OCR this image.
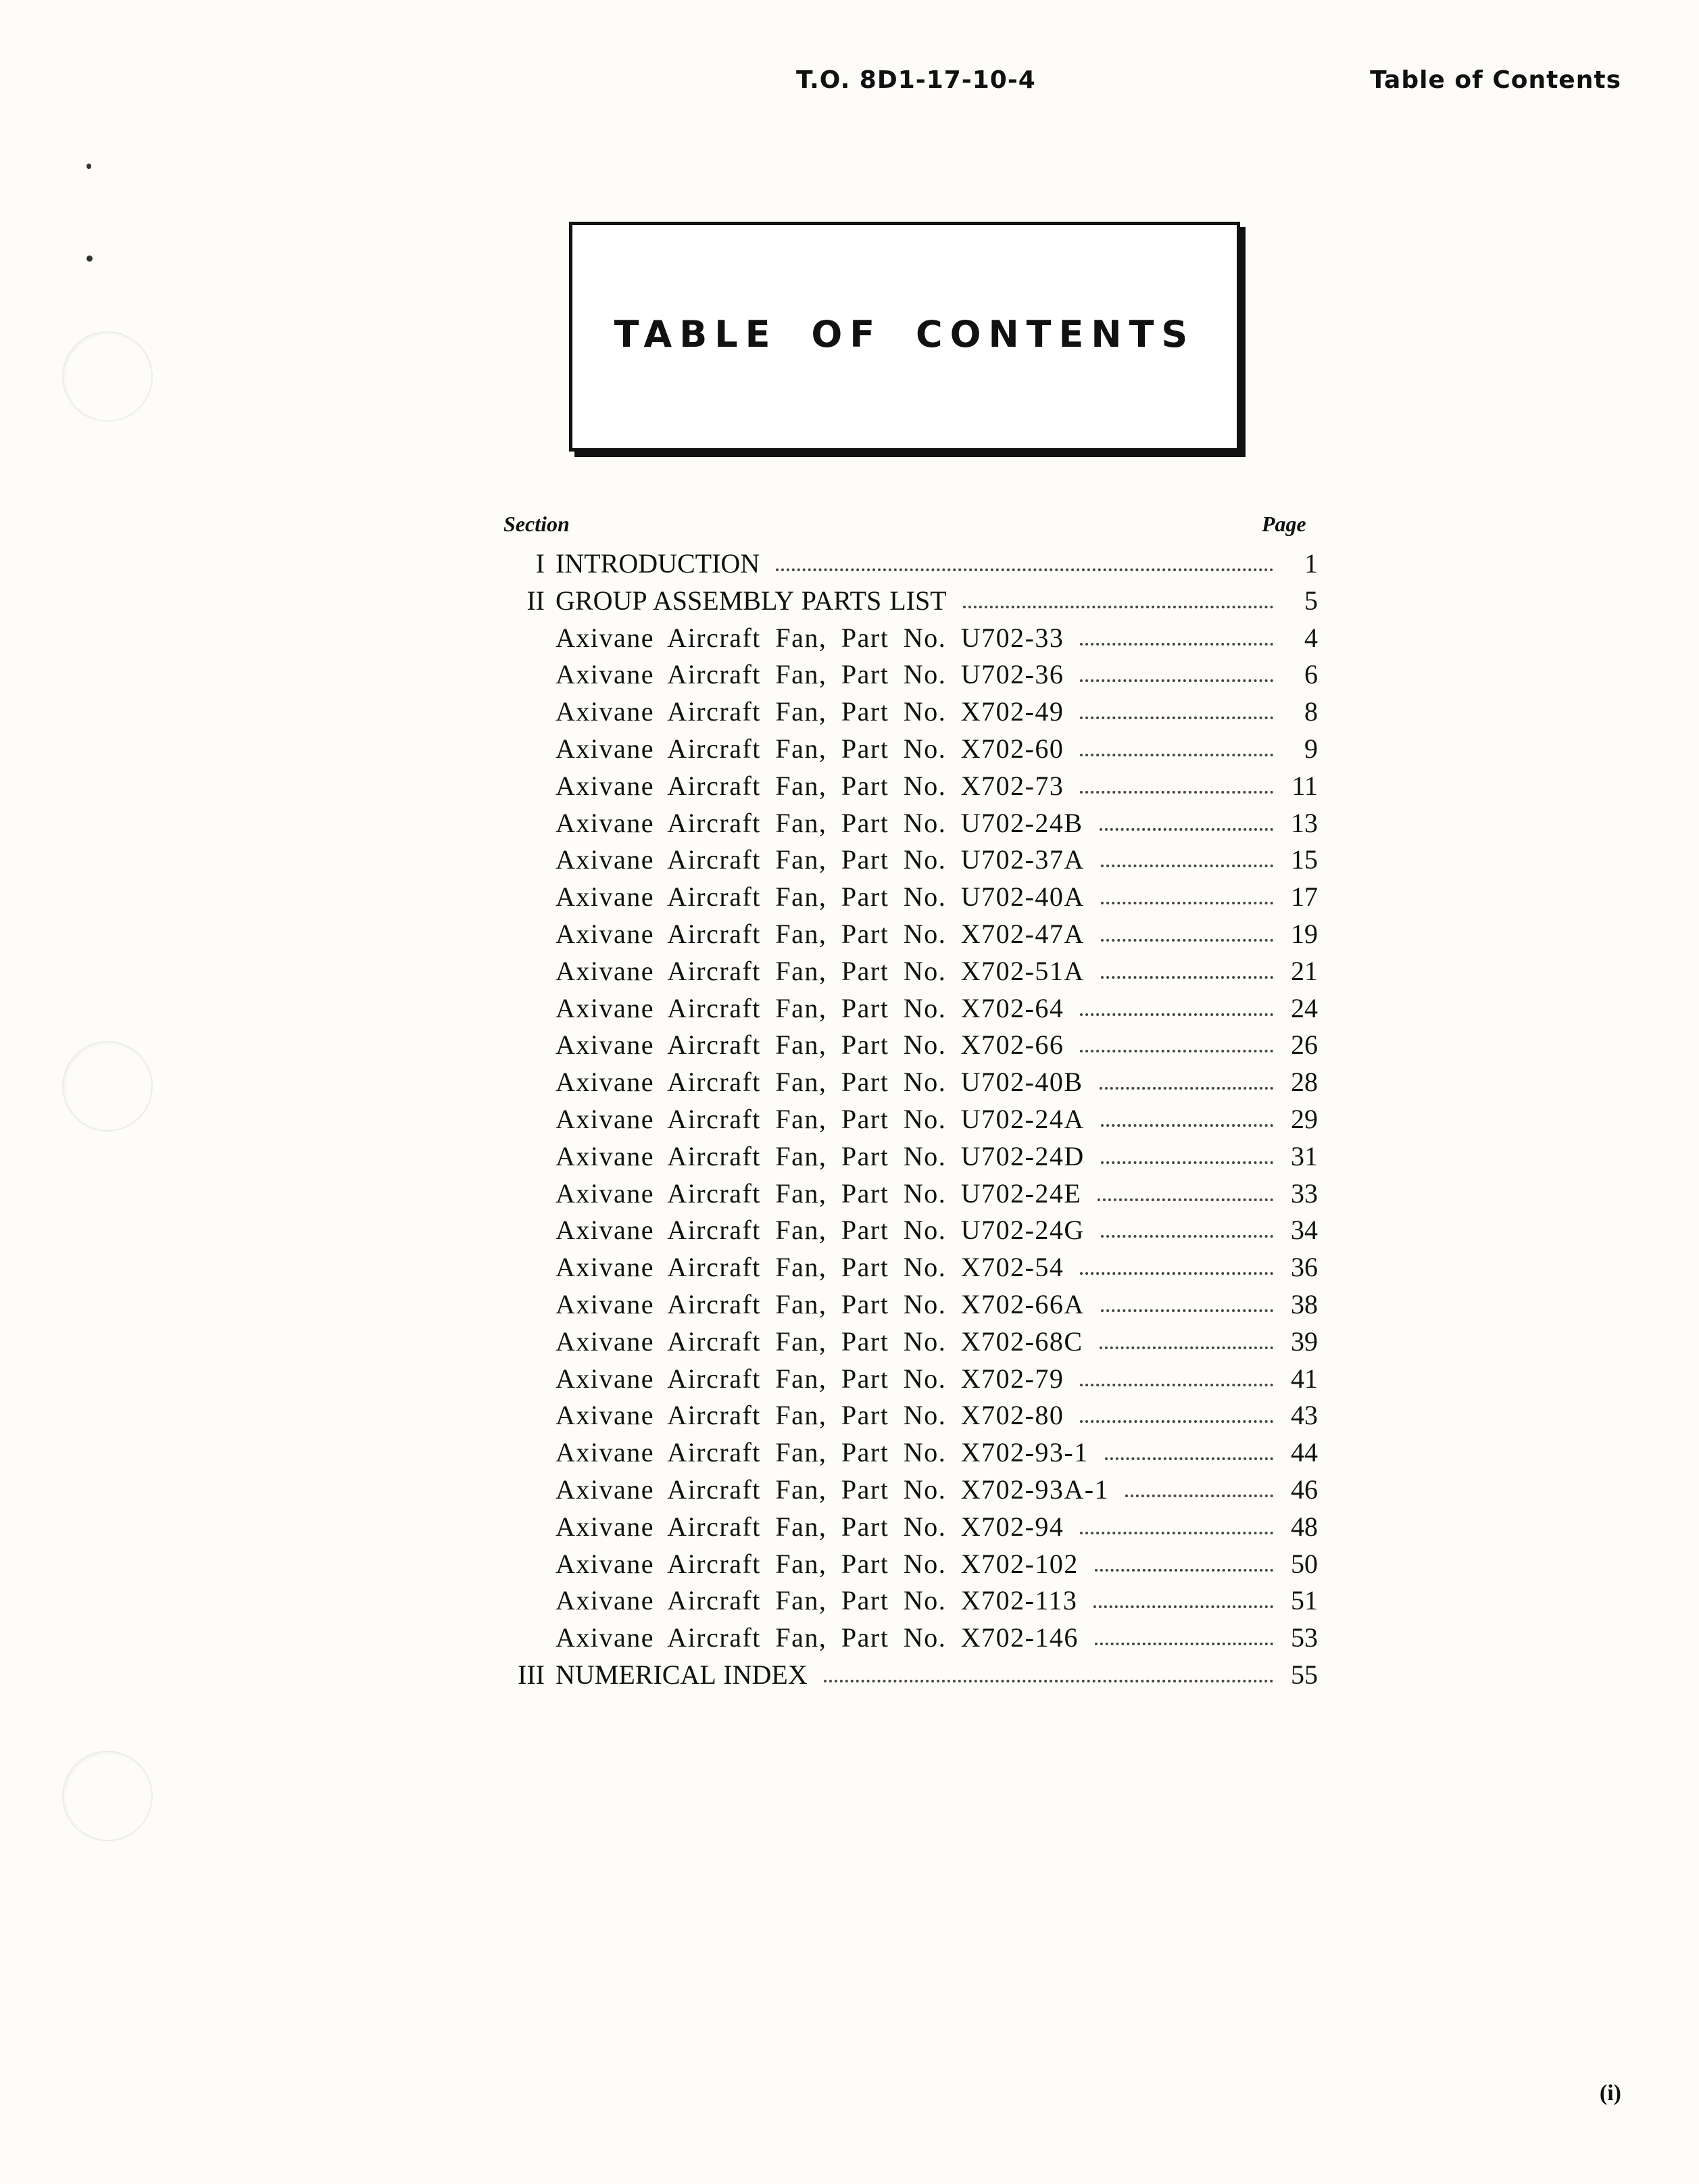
T.O. 8D1-17-10-4	Table of Contents
TABLE OF CONTENTS
Section	Page
I INTRODUCTION	1
II GROUP ASSEMBLY PARTS LIST	5
Axivane Aircraft Fan, Part No. U702-33	4
Axivane Aircraft Fan, Part No. U702-36	6
Axivane Aircraft Fan, Part No. X702-49	8
Axivane Aircraft Fan, Part No. X702-60	9
Axivane Aircraft Fan, Part No. X702-73	11
Axivane Aircraft Fan, Part No. U702-24B	13
Axivane Aircraft Fan, Part No. U702-37A	15
Axivane Aircraft Fan, Part No. U702-40A	17
Axivane Aircraft Fan, Part No. X702-47A	19
Axivane Aircraft Fan, Part No. X702-51A	21
Axivane Aircraft Fan, Part No. X702-64	24
Axivane Aircraft Fan, Part No. X702-66	26
Axivane Aircraft Fan, Part No. U702-40B	28
Axivane Aircraft Fan, Part No. U702-24A	29
Axivane Aircraft Fan, Part No. U702-24D	31
Axivane Aircraft Fan, Part No. U702-24E	33
Axivane Aircraft Fan, Part No. U702-24G	34
Axivane Aircraft Fan, Part No. X702-54	36
Axivane Aircraft Fan, Part No. X702-66A	38
Axivane Aircraft Fan, Part No. X702-68C	39
Axivane Aircraft Fan, Part No. X702-79	41
Axivane Aircraft Fan, Part No. X702-80	43
Axivane Aircraft Fan, Part No. X702-93-1	44
Axivane Aircraft Fan, Part No. X702-93A-1	46
Axivane Aircraft Fan, Part No. X702-94	48
Axivane Aircraft Fan, Part No. X702-102	50
Axivane Aircraft Fan, Part No. X702-113	51
Axivane Aircraft Fan, Part No. X702-146	53
III NUMERICAL INDEX	55
(i)
